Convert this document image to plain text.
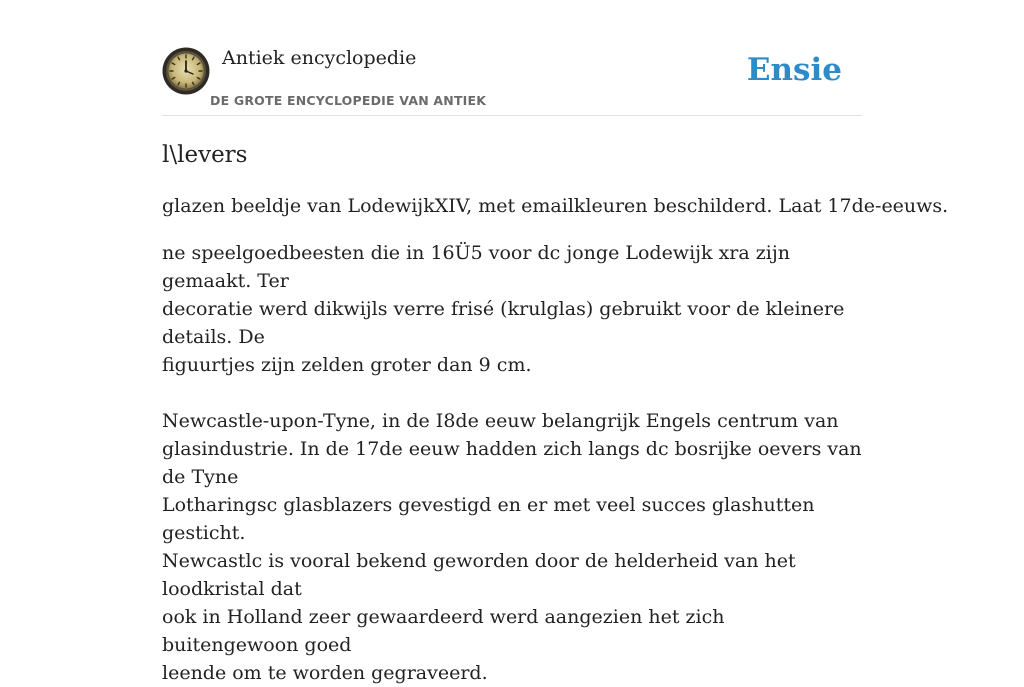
Antiek encyclopedie
DE GROTE ENCYCLOPEDIE VAN ANTIEK
Ensie
l\levers

glazen beeldje van LodewijkXIV, met emailkleuren beschilderd. Laat 17de-eeuws.

ne speelgoedbeesten die in 16Ü5 voor dc jonge Lodewijk xra zijn gemaakt. Ter
decoratie werd dikwijls verre frisé (krulglas) gebruikt voor de kleinere details. De
figuurtjes zijn zelden groter dan 9 cm.

Newcastle-upon-Tyne, in de I8de eeuw belangrijk Engels centrum van
glasindustrie. In de 17de eeuw hadden zich langs dc bosrijke oevers van de Tyne
Lotharingsc glasblazers gevestigd en er met veel succes glashutten gesticht.
Newcastlc is vooral bekend geworden door de helderheid van het loodkristal dat
ook in Holland zeer gewaardeerd werd aangezien het zich buitengewoon goed
leende om te worden gegraveerd.
